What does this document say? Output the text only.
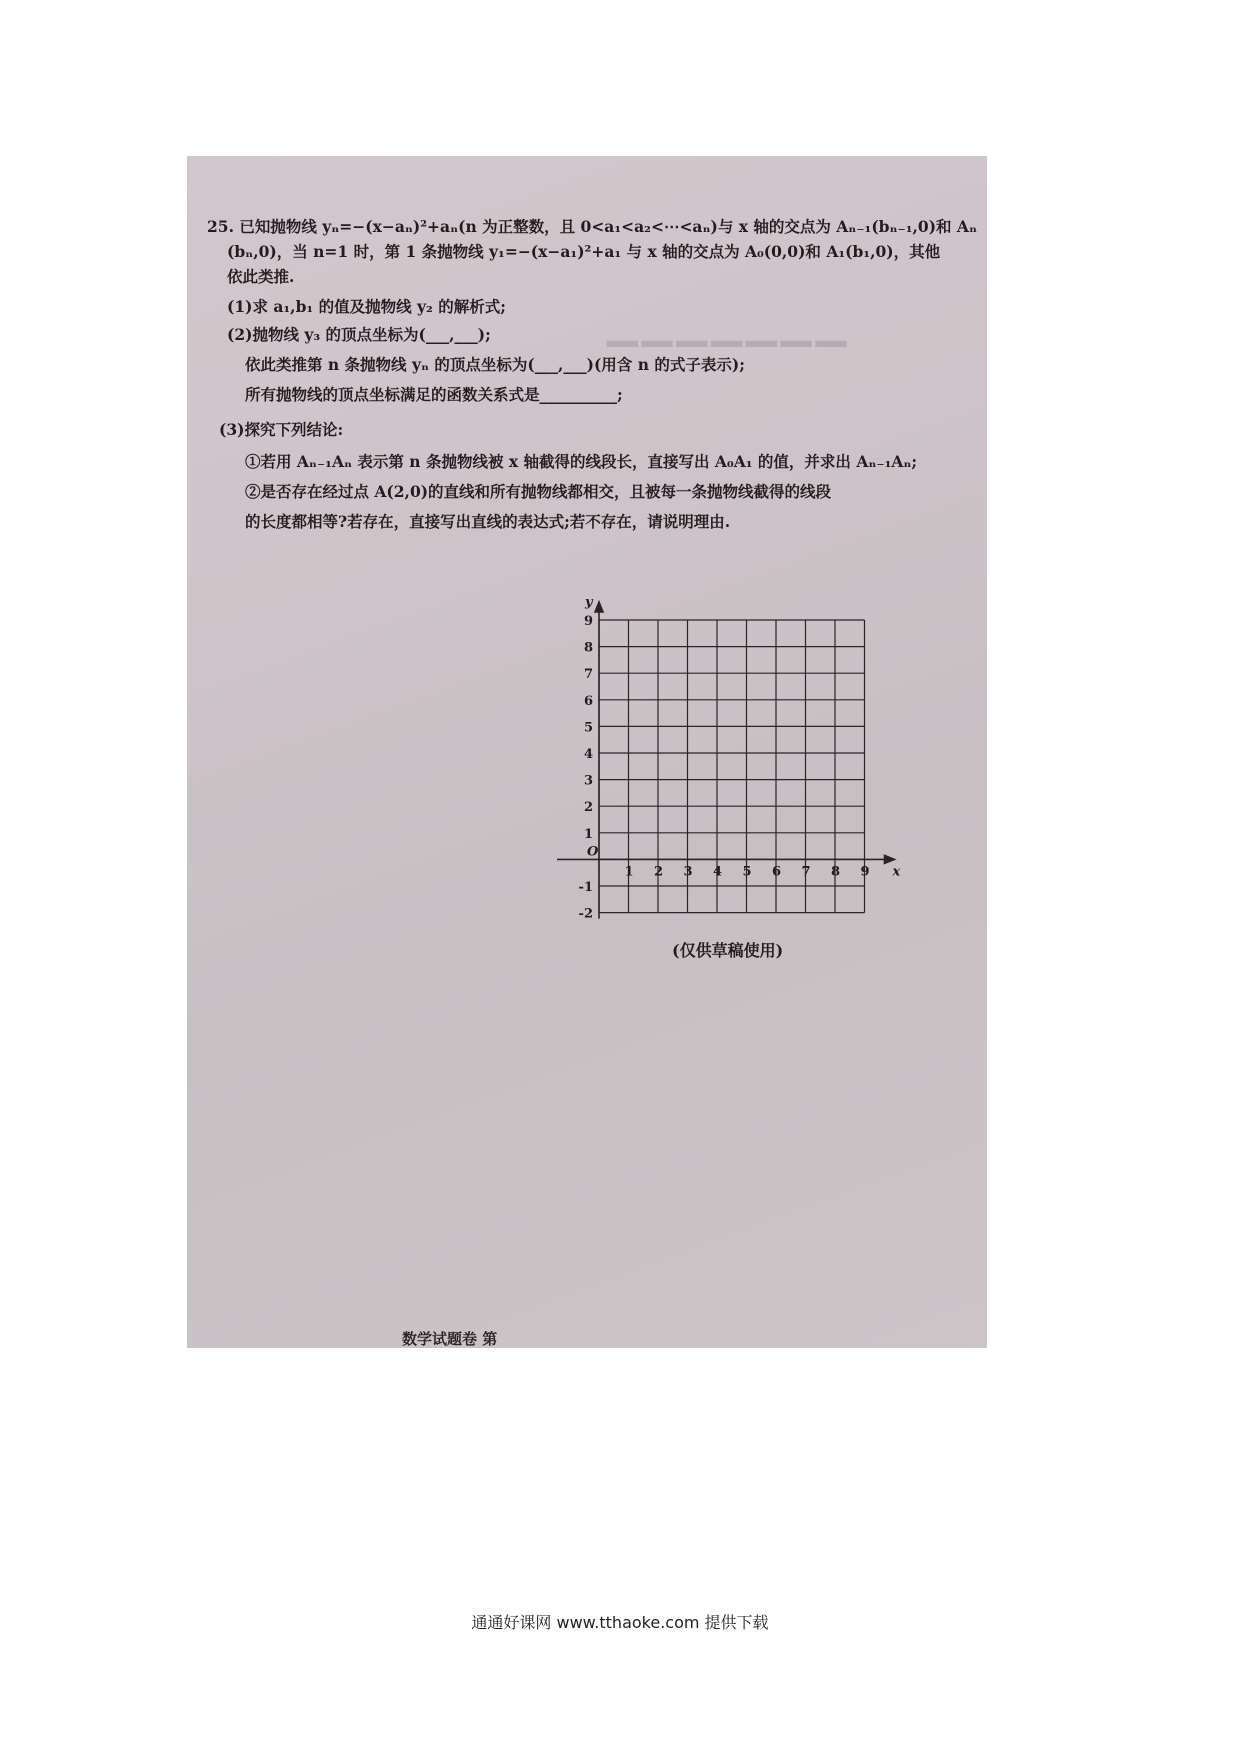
▁▁▁▁▁▁▁
25. 已知抛物线 yₙ=−(x−aₙ)²+aₙ(n 为正整数，且 0<a₁<a₂<⋯<aₙ)与 x 轴的交点为 Aₙ₋₁(bₙ₋₁,0)和 Aₙ
(bₙ,0)，当 n=1 时，第 1 条抛物线 y₁=−(x−a₁)²+a₁ 与 x 轴的交点为 A₀(0,0)和 A₁(b₁,0)，其他
依此类推.
(1)求 a₁,b₁ 的值及抛物线 y₂ 的解析式;
(2)抛物线 y₃ 的顶点坐标为(___,___);
依此类推第 n 条抛物线 yₙ 的顶点坐标为(___,___)(用含 n 的式子表示);
所有抛物线的顶点坐标满足的函数关系式是__________;
(3)探究下列结论:
①若用 Aₙ₋₁Aₙ 表示第 n 条抛物线被 x 轴截得的线段长，直接写出 A₀A₁ 的值，并求出 Aₙ₋₁Aₙ;
②是否存在经过点 A(2,0)的直线和所有抛物线都相交，且被每一条抛物线截得的线段
的长度都相等?若存在，直接写出直线的表达式;若不存在，请说明理由.
9
8
7
6
5
4
3
2
1
-1
-2
1 2 3 4 5 6 7 8 9
y
x
O
(仅供草稿使用)
数学试题卷 第
通通好课网 www.tthaoke.com 提供下载
